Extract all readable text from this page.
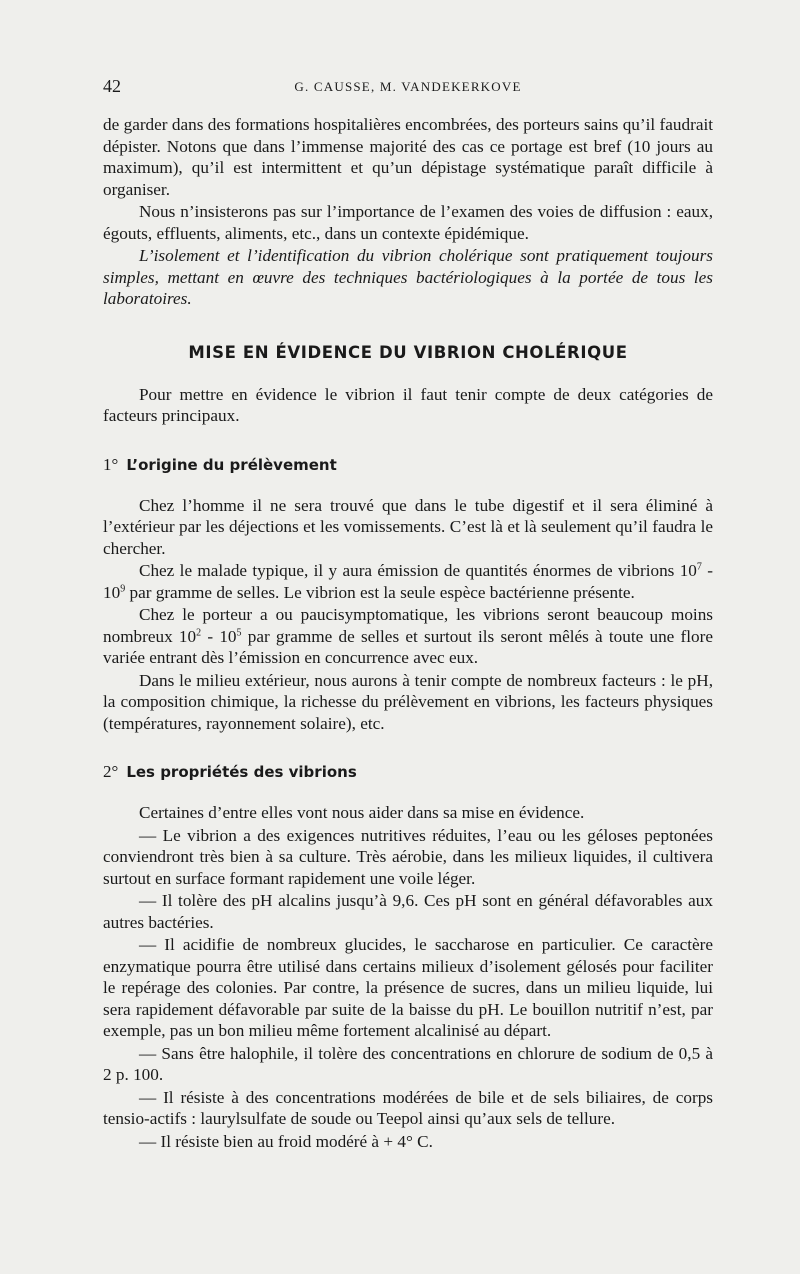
42	G. CAUSSE, M. VANDEKERKOVE

de garder dans des formations hospitalières encombrées, des porteurs sains qu’il faudrait dépister. Notons que dans l’immense majorité des cas ce portage est bref (10 jours au maximum), qu’il est intermittent et qu’un dépistage systématique paraît difficile à organiser.

Nous n’insisterons pas sur l’importance de l’examen des voies de diffusion : eaux, égouts, effluents, aliments, etc., dans un contexte épidémique.

L’isolement et l’identification du vibrion cholérique sont pratiquement toujours simples, mettant en œuvre des techniques bactériologiques à la portée de tous les laboratoires.

MISE EN ÉVIDENCE DU VIBRION CHOLÉRIQUE

Pour mettre en évidence le vibrion il faut tenir compte de deux catégories de facteurs principaux.

1° L’origine du prélèvement

Chez l’homme il ne sera trouvé que dans le tube digestif et il sera éliminé à l’extérieur par les déjections et les vomissements. C’est là et là seulement qu’il faudra le chercher.

Chez le malade typique, il y aura émission de quantités énormes de vibrions $10^7 - 10^9$ par gramme de selles. Le vibrion est la seule espèce bactérienne présente.

Chez le porteur a ou paucisymptomatique, les vibrions seront beaucoup moins nombreux $10^2 - 10^5$ par gramme de selles et surtout ils seront mêlés à toute une flore variée entrant dès l’émission en concurrence avec eux.

Dans le milieu extérieur, nous aurons à tenir compte de nombreux facteurs : le pH, la composition chimique, la richesse du prélèvement en vibrions, les facteurs physiques (températures, rayonnement solaire), etc.

2° Les propriétés des vibrions

Certaines d’entre elles vont nous aider dans sa mise en évidence.

— Le vibrion a des exigences nutritives réduites, l’eau ou les géloses peptonées conviendront très bien à sa culture. Très aérobie, dans les milieux liquides, il cultivera surtout en surface formant rapidement une voile léger.

— Il tolère des pH alcalins jusqu’à 9,6. Ces pH sont en général défavorables aux autres bactéries.

— Il acidifie de nombreux glucides, le saccharose en particulier. Ce caractère enzymatique pourra être utilisé dans certains milieux d’isolement gélosés pour faciliter le repérage des colonies. Par contre, la présence de sucres, dans un milieu liquide, lui sera rapidement défavorable par suite de la baisse du pH. Le bouillon nutritif n’est, par exemple, pas un bon milieu même fortement alcalinisé au départ.

— Sans être halophile, il tolère des concentrations en chlorure de sodium de 0,5 à 2 p. 100.

— Il résiste à des concentrations modérées de bile et de sels biliaires, de corps tensio-actifs : laurylsulfate de soude ou Teepol ainsi qu’aux sels de tellure.

— Il résiste bien au froid modéré à + 4° C.
